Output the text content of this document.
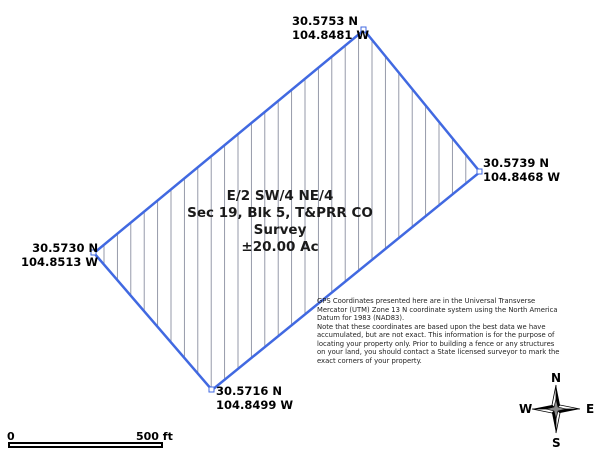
30.5753 N
104.8481 W
30.5739 N
104.8468 W
30.5730 N
104.8513 W
30.5716 N
104.8499 W
E/2 SW/4 NE/4
Sec 19, Blk 5, T&PRR CO Survey
±20.00 Ac
GPS Coordinates presented here are in the Universal Transverse
Mercator (UTM) Zone 13 N coordinate system using the North America
Datum for 1983 (NAD83).
Note that these coordinates are based upon the best data we have
accumulated, but are not exact. This information is for the purpose of
locating your property only. Prior to building a fence or any structures
on your land, you should contact a State licensed surveyor to mark the
exact corners of your property.
0	500 ft
N
S
E
W
